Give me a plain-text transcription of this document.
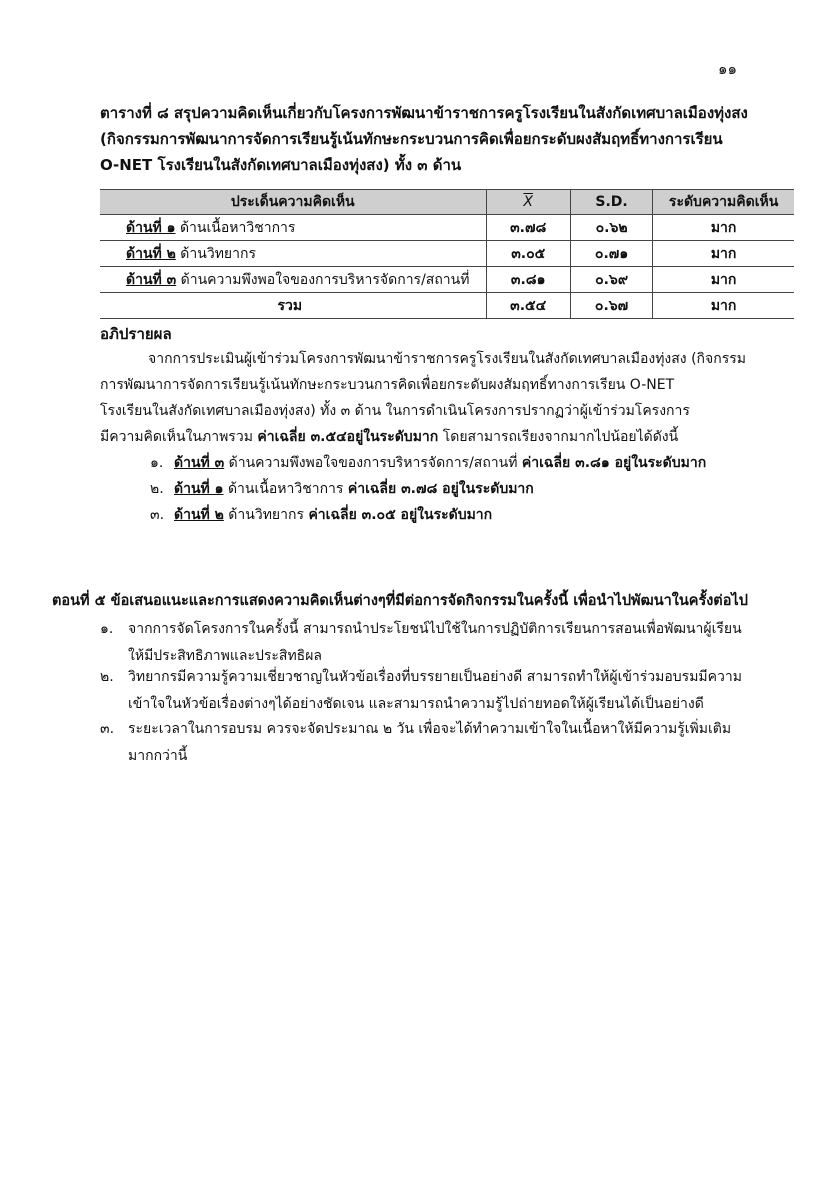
๑๑
ตารางที่ ๘ สรุปความคิดเห็นเกี่ยวกับโครงการพัฒนาข้าราชการครูโรงเรียนในสังกัดเทศบาลเมืองทุ่งสง
(กิจกรรมการพัฒนาการจัดการเรียนรู้เน้นทักษะกระบวนการคิดเพื่อยกระดับผงสัมฤทธิ์ทางการเรียน
O-NET โรงเรียนในสังกัดเทศบาลเมืองทุ่งสง) ทั้ง ๓ ด้าน
ประเด็นความคิดเห็น	$\overline{X}$	S.D.	ระดับความคิดเห็น
ด้านที่ ๑ ด้านเนื้อหาวิชาการ	๓.๗๘	๐.๖๒	มาก
ด้านที่ ๒ ด้านวิทยากร	๓.๐๕	๐.๗๑	มาก
ด้านที่ ๓ ด้านความพึงพอใจของการบริหารจัดการ/สถานที่	๓.๘๑	๐.๖๙	มาก
รวม	๓.๕๔	๐.๖๗	มาก
อภิปรายผล
จากการประเมินผู้เข้าร่วมโครงการพัฒนาข้าราชการครูโรงเรียนในสังกัดเทศบาลเมืองทุ่งสง (กิจกรรม
การพัฒนาการจัดการเรียนรู้เน้นทักษะกระบวนการคิดเพื่อยกระดับผงสัมฤทธิ์ทางการเรียน O-NET
โรงเรียนในสังกัดเทศบาลเมืองทุ่งสง) ทั้ง ๓ ด้าน ในการดำเนินโครงการปรากฏว่าผู้เข้าร่วมโครงการ
มีความคิดเห็นในภาพรวม ค่าเฉลี่ย ๓.๕๔อยู่ในระดับมาก โดยสามารถเรียงจากมากไปน้อยได้ดังนี้
๑. ด้านที่ ๓ ด้านความพึงพอใจของการบริหารจัดการ/สถานที่ ค่าเฉลี่ย ๓.๘๑ อยู่ในระดับมาก
๒. ด้านที่ ๑ ด้านเนื้อหาวิชาการ ค่าเฉลี่ย ๓.๗๘ อยู่ในระดับมาก
๓. ด้านที่ ๒ ด้านวิทยากร ค่าเฉลี่ย ๓.๐๕ อยู่ในระดับมาก
ตอนที่ ๕ ข้อเสนอแนะและการแสดงความคิดเห็นต่างๆที่มีต่อการจัดกิจกรรมในครั้งนี้ เพื่อนำไปพัฒนาในครั้งต่อไป
๑. จากการจัดโครงการในครั้งนี้ สามารถนำประโยชน์ไปใช้ในการปฏิบัติการเรียนการสอนเพื่อพัฒนาผู้เรียน
ให้มีประสิทธิภาพและประสิทธิผล
๒. วิทยากรมีความรู้ความเชี่ยวชาญในหัวข้อเรื่องที่บรรยายเป็นอย่างดี สามารถทำให้ผู้เข้าร่วมอบรมมีความ
เข้าใจในหัวข้อเรื่องต่างๆได้อย่างชัดเจน และสามารถนำความรู้ไปถ่ายทอดให้ผู้เรียนได้เป็นอย่างดี
๓. ระยะเวลาในการอบรม ควรจะจัดประมาณ ๒ วัน เพื่อจะได้ทำความเข้าใจในเนื้อหาให้มีความรู้เพิ่มเติม
มากกว่านี้
